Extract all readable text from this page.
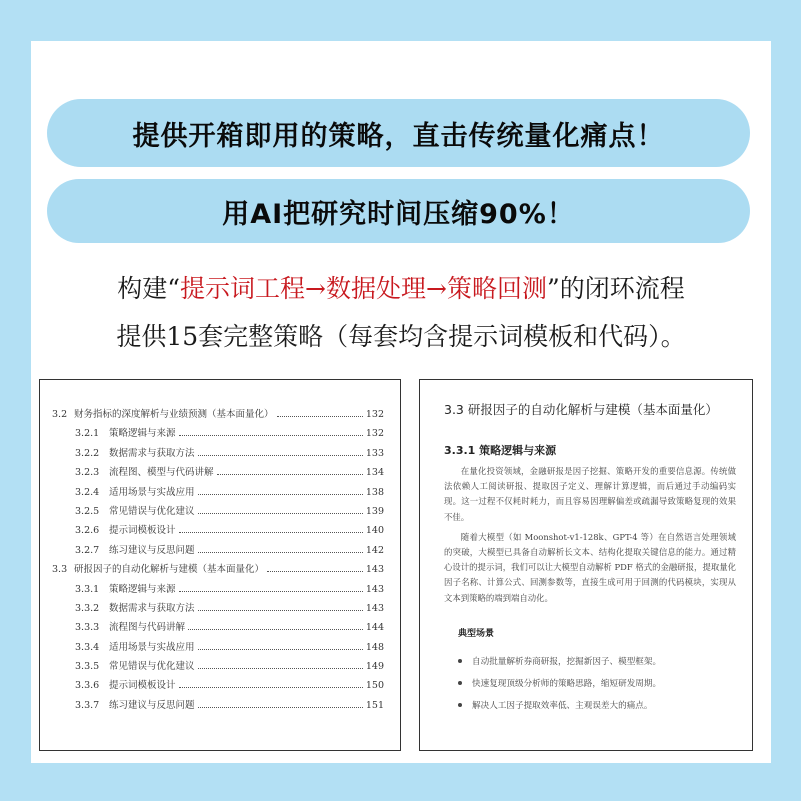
提供开箱即用的策略，直击传统量化痛点！
用AI把研究时间压缩90%！
构建“提示词工程→数据处理→策略回测”的闭环流程
提供15套完整策略（每套均含提示词模板和代码）。
3.2 财务指标的深度解析与业绩预测（基本面量化）	132
3.2.1	策略逻辑与来源	132
3.2.2	数据需求与获取方法	133
3.2.3	流程图、模型与代码讲解	134
3.2.4	适用场景与实战应用	138
3.2.5	常见错误与优化建议	139
3.2.6	提示词模板设计	140
3.2.7	练习建议与反思问题	142
3.3 研报因子的自动化解析与建模（基本面量化）	143
3.3.1	策略逻辑与来源	143
3.3.2	数据需求与获取方法	143
3.3.3	流程图与代码讲解	144
3.3.4	适用场景与实战应用	148
3.3.5	常见错误与优化建议	149
3.3.6	提示词模板设计	150
3.3.7	练习建议与反思问题	151
3.3 研报因子的自动化解析与建模（基本面量化）
3.3.1 策略逻辑与来源

在量化投资领域，金融研报是因子挖掘、策略开发的重要信息源。传统做法依赖人工阅读研报、提取因子定义、理解计算逻辑，而后通过手动编码实现。这一过程不仅耗时耗力，而且容易因理解偏差或疏漏导致策略复现的效果不佳。

随着大模型（如 Moonshot-v1-128k、GPT-4 等）在自然语言处理领域的突破，大模型已具备自动解析长文本、结构化提取关键信息的能力。通过精心设计的提示词，我们可以让大模型自动解析 PDF 格式的金融研报，提取量化因子名称、计算公式、回测参数等，直接生成可用于回测的代码模块，实现从文本到策略的端到端自动化。

典型场景
自动批量解析券商研报，挖掘新因子、模型框架。
快速复现顶级分析师的策略思路，缩短研发周期。
解决人工因子提取效率低、主观误差大的痛点。
